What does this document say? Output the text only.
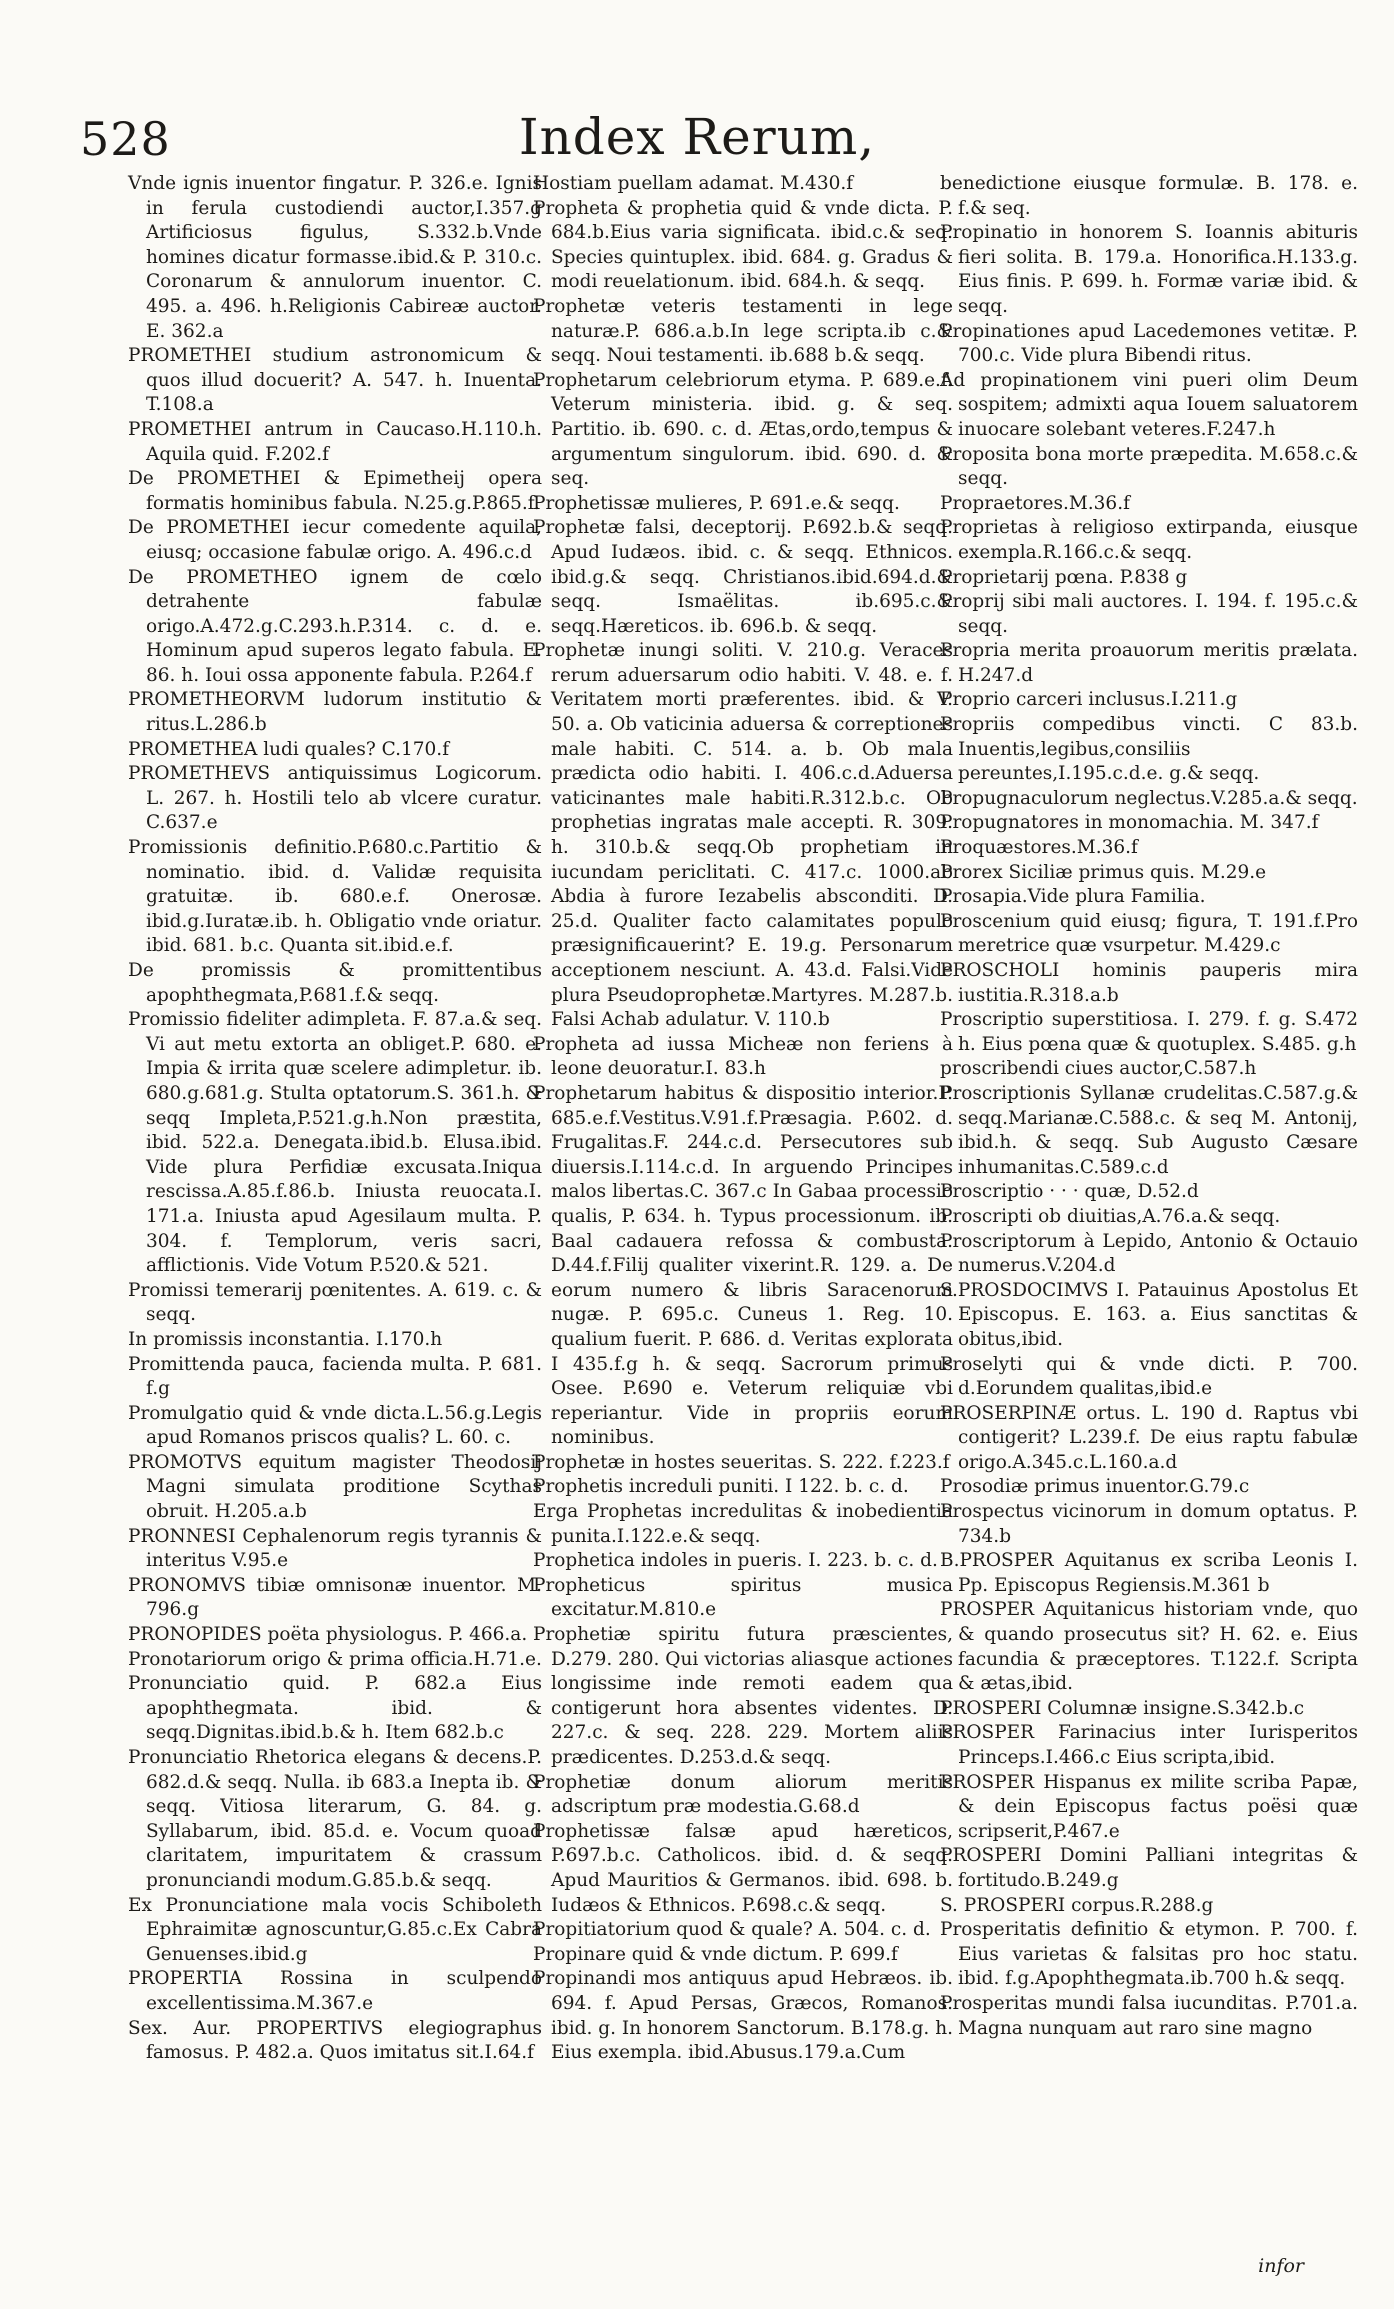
528	Index Rerum,
Vnde ignis inuentor fingatur. P. 326.e. Ignis in ferula custodiendi auctor,I.357.g Artificiosus figulus, S.332.b.Vnde homines dicatur formasse.ibid.& P. 310.c. Coronarum & annulorum inuentor. C. 495. a. 496. h.Religionis Cabireæ auctor. E. 362.a
PROMETHEI studium astronomicum & quos illud docuerit? A. 547. h. Inuenta. T.108.a
PROMETHEI antrum in Caucaso.H.110.h. Aquila quid. F.202.f
De PROMETHEI & Epimetheij opera formatis hominibus fabula. N.25.g.P.865.f.
De PROMETHEI iecur comedente aquila, eiusq; occasione fabulæ origo. A. 496.c.d
De PROMETHEO ignem de cœlo detrahente fabulæ origo.A.472.g.C.293.h.P.314. c. d. e. Hominum apud superos legato fabula. E. 86. h. Ioui ossa apponente fabula. P.264.f
PROMETHEORVM ludorum institutio & ritus.L.286.b
PROMETHEA ludi quales? C.170.f
PROMETHEVS antiquissimus Logicorum. L. 267. h. Hostili telo ab vlcere curatur. C.637.e
Promissionis definitio.P.680.c.Partitio & nominatio. ibid. d. Validæ requisita gratuitæ. ib. 680.e.f. Onerosæ. ibid.g.Iuratæ.ib. h. Obligatio vnde oriatur. ibid. 681. b.c. Quanta sit.ibid.e.f.
De promissis & promittentibus apophthegmata,P.681.f.& seqq.
Promissio fideliter adimpleta. F. 87.a.& seq. Vi aut metu extorta an obliget.P. 680. e. Impia & irrita quæ scelere adimpletur. ib. 680.g.681.g. Stulta optatorum.S. 361.h. & seqq Impleta,P.521.g.h.Non præstita, ibid. 522.a. Denegata.ibid.b. Elusa.ibid. Vide plura Perfidiæ excusata.Iniqua rescissa.A.85.f.86.b. Iniusta reuocata.I. 171.a. Iniusta apud Agesilaum multa. P. 304. f. Templorum, veris sacri, afflictionis. Vide Votum P.520.& 521.
Promissi temerarij pœnitentes. A. 619. c. & seqq.
In promissis inconstantia. I.170.h
Promittenda pauca, facienda multa. P. 681. f.g
Promulgatio quid & vnde dicta.L.56.g.Legis apud Romanos priscos qualis? L. 60. c.
PROMOTVS equitum magister Theodosij Magni simulata proditione Scythas obruit. H.205.a.b
PRONNESI Cephalenorum regis tyrannis & interitus V.95.e
PRONOMVS tibiæ omnisonæ inuentor. M. 796.g
PRONOPIDES poëta physiologus. P. 466.a.
Pronotariorum origo & prima officia.H.71.e.
Pronunciatio quid. P. 682.a Eius apophthegmata. ibid. & seqq.Dignitas.ibid.b.& h. Item 682.b.c
Pronunciatio Rhetorica elegans & decens.P. 682.d.& seqq. Nulla. ib 683.a Inepta ib. & seqq. Vitiosa literarum, G. 84. g. Syllabarum, ibid. 85.d. e. Vocum quoad claritatem, impuritatem & crassum pronunciandi modum.G.85.b.& seqq.
Ex Pronunciatione mala vocis Schiboleth Ephraimitæ agnoscuntur,G.85.c.Ex Cabra Genuenses.ibid.g
PROPERTIA Rossina in sculpendo excellentissima.M.367.e
Sex. Aur. PROPERTIVS elegiographus famosus. P. 482.a. Quos imitatus sit.I.64.f
Hostiam puellam adamat. M.430.f
Propheta & prophetia quid & vnde dicta. P. 684.b.Eius varia significata. ibid.c.& seq. Species quintuplex. ibid. 684. g. Gradus & modi reuelationum. ibid. 684.h. & seqq.
Prophetæ veteris testamenti in lege naturæ.P. 686.a.b.In lege scripta.ib c.& seqq. Noui testamenti. ib.688 b.& seqq.
Prophetarum celebriorum etyma. P. 689.e.f. Veterum ministeria. ibid. g. & seq. Partitio. ib. 690. c. d. Ætas,ordo,tempus & argumentum singulorum. ibid. 690. d. & seq.
Prophetissæ mulieres, P. 691.e.& seqq.
Prophetæ falsi, deceptorij. P.692.b.& seqq. Apud Iudæos. ibid. c. & seqq. Ethnicos. ibid.g.& seqq. Christianos.ibid.694.d.& seqq. Ismaëlitas. ib.695.c.& seqq.Hæreticos. ib. 696.b. & seqq.
Prophetæ inungi soliti. V. 210.g. Veraces rerum aduersarum odio habiti. V. 48. e. f. Veritatem morti præferentes. ibid. & V. 50. a. Ob vaticinia aduersa & correptiones male habiti. C. 514. a. b. Ob mala prædicta odio habiti. I. 406.c.d.Aduersa vaticinantes male habiti.R.312.b.c. Ob prophetias ingratas male accepti. R. 309. h. 310.b.& seqq.Ob prophetiam in iucundam periclitati. C. 417.c. 1000.ab Abdia à furore Iezabelis absconditi. D. 25.d. Qualiter facto calamitates populo præsignificauerint? E. 19.g. Personarum acceptionem nesciunt. A. 43.d. Falsi.Vide plura Pseudoprophetæ.Martyres. M.287.b. Falsi Achab adulatur. V. 110.b
Propheta ad iussa Micheæ non feriens à leone deuoratur.I. 83.h
Prophetarum habitus & dispositio interior.P. 685.e.f.Vestitus.V.91.f.Præsagia. P.602. d. Frugalitas.F. 244.c.d. Persecutores sub diuersis.I.114.c.d. In arguendo Principes malos libertas.C. 367.c In Gabaa processio qualis, P. 634. h. Typus processionum. ib. Baal cadauera refossa & combusta. D.44.f.Filij qualiter vixerint.R. 129. a. De eorum numero & libris Saracenorum nugæ. P. 695.c. Cuneus 1. Reg. 10. qualium fuerit. P. 686. d. Veritas explorata I 435.f.g h. & seqq. Sacrorum primus Osee. P.690 e. Veterum reliquiæ vbi reperiantur. Vide in propriis eorum nominibus.
Prophetæ in hostes seueritas. S. 222. f.223.f
Prophetis increduli puniti. I 122. b. c. d.
Erga Prophetas incredulitas & inobedientia punita.I.122.e.& seqq.
Prophetica indoles in pueris. I. 223. b. c. d.
Propheticus spiritus musica excitatur.M.810.e
Prophetiæ spiritu futura præscientes, D.279. 280. Qui victorias aliasque actiones longissime inde remoti eadem qua contigerunt hora absentes videntes. D. 227.c. & seq. 228. 229. Mortem aliis prædicentes. D.253.d.& seqq.
Prophetiæ donum aliorum meritis adscriptum præ modestia.G.68.d
Prophetissæ falsæ apud hæreticos, P.697.b.c. Catholicos. ibid. d. & seqq. Apud Mauritios & Germanos. ibid. 698. b. Iudæos & Ethnicos. P.698.c.& seqq.
Propitiatorium quod & quale? A. 504. c. d.
Propinare quid & vnde dictum. P. 699.f
Propinandi mos antiquus apud Hebræos. ib. 694. f. Apud Persas, Græcos, Romanos. ibid. g. In honorem Sanctorum. B.178.g. h. Eius exempla. ibid.Abusus.179.a.Cum
benedictione eiusque formulæ. B. 178. e. f.& seq.
Propinatio in honorem S. Ioannis abituris fieri solita. B. 179.a. Honorifica.H.133.g. Eius finis. P. 699. h. Formæ variæ ibid. & seqq.
Propinationes apud Lacedemones vetitæ. P. 700.c. Vide plura Bibendi ritus.
Ad propinationem vini pueri olim Deum sospitem; admixti aqua Iouem saluatorem inuocare solebant veteres.F.247.h
Proposita bona morte præpedita. M.658.c.& seqq.
Propraetores.M.36.f
Proprietas à religioso extirpanda, eiusque exempla.R.166.c.& seqq.
Proprietarij pœna. P.838 g
Proprij sibi mali auctores. I. 194. f. 195.c.& seqq.
Propria merita proauorum meritis prælata. H.247.d
Proprio carceri inclusus.I.211.g
Propriis compedibus vincti. C 83.b. Inuentis,legibus,consiliis pereuntes,I.195.c.d.e. g.& seqq.
Propugnaculorum neglectus.V.285.a.& seqq.
Propugnatores in monomachia. M. 347.f
Proquæstores.M.36.f
Prorex Siciliæ primus quis. M.29.e
Prosapia.Vide plura Familia.
Proscenium quid eiusq; figura, T. 191.f.Pro meretrice quæ vsurpetur. M.429.c
PROSCHOLI hominis pauperis mira iustitia.R.318.a.b
Proscriptio superstitiosa. I. 279. f. g. S.472 h. Eius pœna quæ & quotuplex. S.485. g.h
proscribendi ciues auctor,C.587.h
Proscriptionis Syllanæ crudelitas.C.587.g.& seqq.Marianæ.C.588.c. & seq M. Antonij, ibid.h. & seqq. Sub Augusto Cæsare inhumanitas.C.589.c.d
Proscriptio · · · quæ, D.52.d
Proscripti ob diuitias,A.76.a.& seqq.
Proscriptorum à Lepido, Antonio & Octauio numerus.V.204.d
S.PROSDOCIMVS I. Patauinus Apostolus Et Episcopus. E. 163. a. Eius sanctitas & obitus,ibid.
Proselyti qui & vnde dicti. P. 700. d.Eorundem qualitas,ibid.e
PROSERPINÆ ortus. L. 190 d. Raptus vbi contigerit? L.239.f. De eius raptu fabulæ origo.A.345.c.L.160.a.d
Prosodiæ primus inuentor.G.79.c
Prospectus vicinorum in domum optatus. P. 734.b
B.PROSPER Aquitanus ex scriba Leonis I. Pp. Episcopus Regiensis.M.361 b
PROSPER Aquitanicus historiam vnde, quo & quando prosecutus sit? H. 62. e. Eius facundia & præceptores. T.122.f. Scripta & ætas,ibid.
PROSPERI Columnæ insigne.S.342.b.c
PROSPER Farinacius inter Iurisperitos Princeps.I.466.c Eius scripta,ibid.
PROSPER Hispanus ex milite scriba Papæ, & dein Episcopus factus poësi quæ scripserit,P.467.e
PROSPERI Domini Palliani integritas & fortitudo.B.249.g
S. PROSPERI corpus.R.288.g
Prosperitatis definitio & etymon. P. 700. f. Eius varietas & falsitas pro hoc statu. ibid. f.g.Apophthegmata.ib.700 h.& seqq.
Prosperitas mundi falsa iucunditas. P.701.a. Magna nunquam aut raro sine magno
infor
